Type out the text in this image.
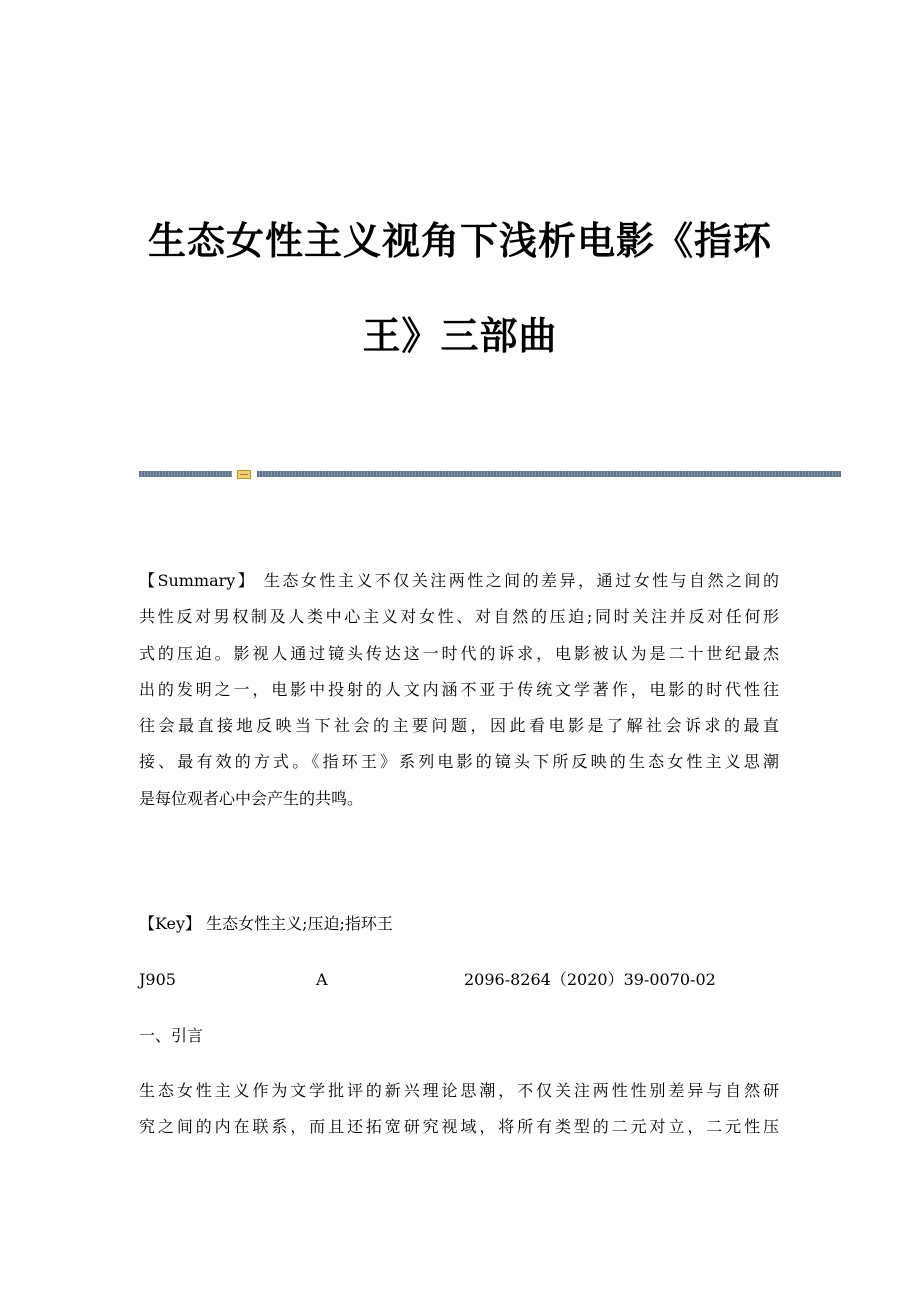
生态女性主义视角下浅析电影《指环
王》三部曲
【Summary】 生态女性主义不仅关注两性之间的差异，通过女性与自然之间的
共性反对男权制及人类中心主义对女性、对自然的压迫;同时关注并反对任何形
式的压迫。影视人通过镜头传达这一时代的诉求，电影被认为是二十世纪最杰
出的发明之一，电影中投射的人文内涵不亚于传统文学著作，电影的时代性往
往会最直接地反映当下社会的主要问题，因此看电影是了解社会诉求的最直
接、最有效的方式。《指环王》系列电影的镜头下所反映的生态女性主义思潮
是每位观者心中会产生的共鸣。
【Key】 生态女性主义;压迫;指环王
J905	A	2096-8264（2020）39-0070-02
一、引言
生态女性主义作为文学批评的新兴理论思潮，不仅关注两性性别差异与自然研
究之间的内在联系，而且还拓宽研究视域，将所有类型的二元对立，二元性压
